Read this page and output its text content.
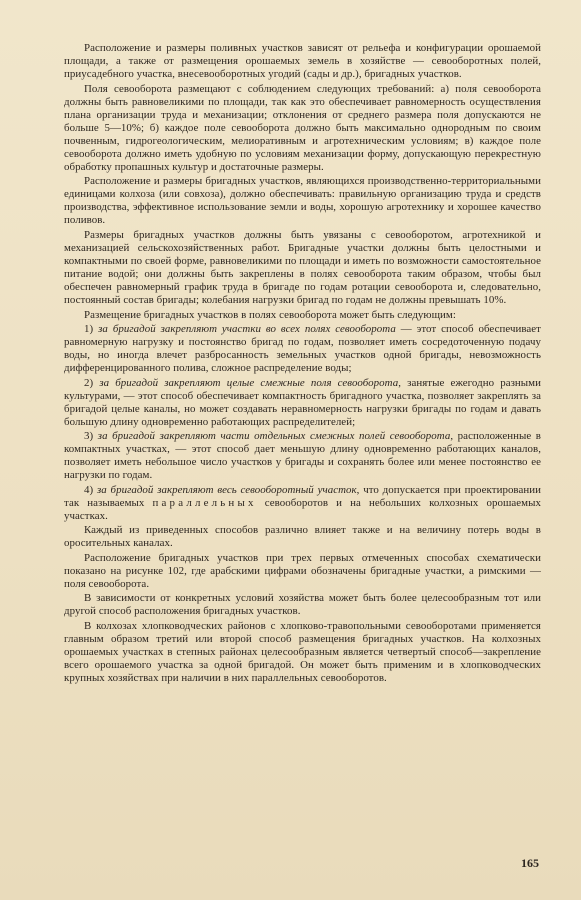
Расположение и размеры поливных участков зависят от рельефа и конфигурации орошаемой площади, а также от размещения орошаемых земель в хозяйстве — севооборотных полей, приусадебного участка, внесевооборотных угодий (сады и др.), бригадных участков.

Поля севооборота размещают с соблюдением следующих требований: а) поля севооборота должны быть равновеликими по площади, так как это обеспечивает равномерность осуществления плана организации труда и механизации; отклонения от среднего размера поля допускаются не больше 5—10%; б) каждое поле севооборота должно быть максимально однородным по своим почвенным, гидрогеологическим, мелиоративным и агротехническим условиям; в) каждое поле севооборота должно иметь удобную по условиям механизации форму, допускающую перекрестную обработку пропашных культур и достаточные размеры.

Расположение и размеры бригадных участков, являющихся производственно-территориальными единицами колхоза (или совхоза), должно обеспечивать: правильную организацию труда и средств производства, эффективное использование земли и воды, хорошую агротехнику и хорошее качество поливов.

Размеры бригадных участков должны быть увязаны с севооборотом, агротехникой и механизацией сельскохозяйственных работ. Бригадные участки должны быть целостными и компактными по своей форме, равновеликими по площади и иметь по возможности самостоятельное питание водой; они должны быть закреплены в полях севооборота таким образом, чтобы был обеспечен равномерный график труда в бригаде по годам ротации севооборота и, следовательно, постоянный состав бригады; колебания нагрузки бригад по годам не должны превышать 10%.

Размещение бригадных участков в полях севооборота может быть следующим:

1) за бригадой закрепляют участки во всех полях севооборота — этот способ обеспечивает равномерную нагрузку и постоянство бригад по годам, позволяет иметь сосредоточенную подачу воды, но иногда влечет разбросанность земельных участков одной бригады, невозможность дифференцированного полива, сложное распределение воды;

2) за бригадой закрепляют целые смежные поля севооборота, занятые ежегодно разными культурами, — этот способ обеспечивает компактность бригадного участка, позволяет закреплять за бригадой целые каналы, но может создавать неравномерность нагрузки бригады по годам и давать большую длину одновременно работающих распределителей;

3) за бригадой закрепляют части отдельных смежных полей севооборота, расположенные в компактных участках, — этот способ дает меньшую длину одновременно работающих каналов, позволяет иметь небольшое число участков у бригады и сохранять более или менее постоянство ее нагрузки по годам.

4) за бригадой закрепляют весь севооборотный участок, что допускается при проектировании так называемых параллельных севооборотов и на небольших колхозных орошаемых участках.

Каждый из приведенных способов различно влияет также и на величину потерь воды в оросительных каналах.

Расположение бригадных участков при трех первых отмеченных способах схематически показано на рисунке 102, где арабскими цифрами обозначены бригадные участки, а римскими — поля севооборота.

В зависимости от конкретных условий хозяйства может быть более целесообразным тот или другой способ расположения бригадных участков.

В колхозах хлопководческих районов с хлопково-травопольными севооборотами применяется главным образом третий или второй способ размещения бригадных участков. На колхозных орошаемых участках в степных районах целесообразным является четвертый способ—закрепление всего орошаемого участка за одной бригадой. Он может быть применим и в хлопководческих крупных хозяйствах при наличии в них параллельных севооборотов.

165
